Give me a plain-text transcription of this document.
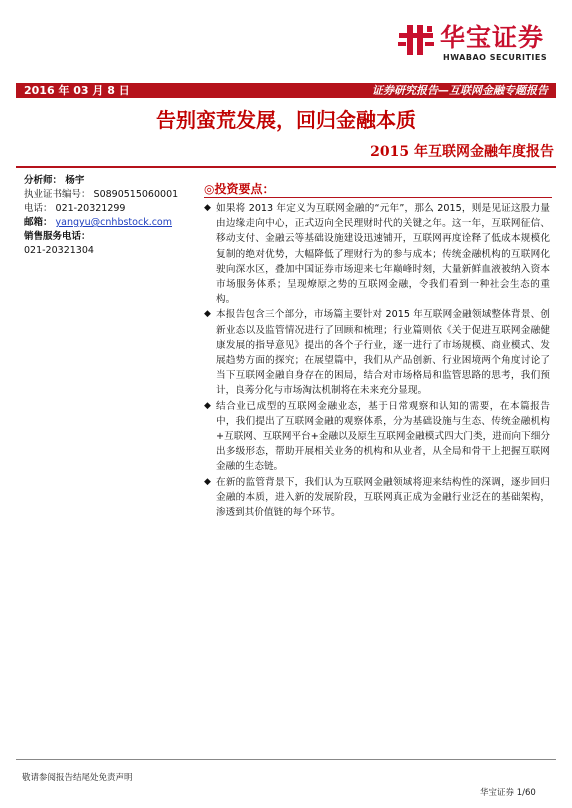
华宝证券
HWABAO SECURITIES
2016 年 03 月 8 日	证券研究报告—互联网金融专题报告
告别蛮荒发展，回归金融本质
2015 年互联网金融年度报告
分析师： 杨宇
执业证书编号： S0890515060001
电话： 021-20321299
邮箱： yangyu@cnhbstock.com
销售服务电话：
021-20321304
◎投资要点：
◆ 如果将 2013 年定义为互联网金融的“元年”，那么 2015，则是见证这股力量由边缘走向中心，正式迈向全民理财时代的关键之年。这一年，互联网征信、移动支付、金融云等基础设施建设迅速铺开，互联网再度诠释了低成本规模化复制的绝对优势，大幅降低了理财行为的参与成本；传统金融机构的互联网化驶向深水区，叠加中国证券市场迎来七年巅峰时刻，大量新鲜血液被纳入资本市场服务体系；呈现燎原之势的互联网金融，令我们看到一种社会生态的重构。
◆ 本报告包含三个部分，市场篇主要针对 2015 年互联网金融领域整体背景、创新业态以及监管情况进行了回顾和梳理；行业篇则依《关于促进互联网金融健康发展的指导意见》提出的各个子行业，逐一进行了市场规模、商业模式、发展趋势方面的探究；在展望篇中，我们从产品创新、行业困境两个角度讨论了当下互联网金融自身存在的困局，结合对市场格局和监管思路的思考，我们预计，良莠分化与市场淘汰机制将在未来充分显现。
◆ 结合业已成型的互联网金融业态，基于日常观察和认知的需要，在本篇报告中，我们提出了互联网金融的观察体系，分为基础设施与生态、传统金融机构+互联网、互联网平台+金融以及原生互联网金融模式四大门类，进而向下细分出多级形态，帮助开展相关业务的机构和从业者，从全局和骨干上把握互联网金融的生态链。
◆ 在新的监管背景下，我们认为互联网金融领域将迎来结构性的深调，逐步回归金融的本质，进入新的发展阶段，互联网真正成为金融行业泛在的基础架构，渗透到其价值链的每个环节。
敬请参阅报告结尾处免责声明
华宝证券 1/60
